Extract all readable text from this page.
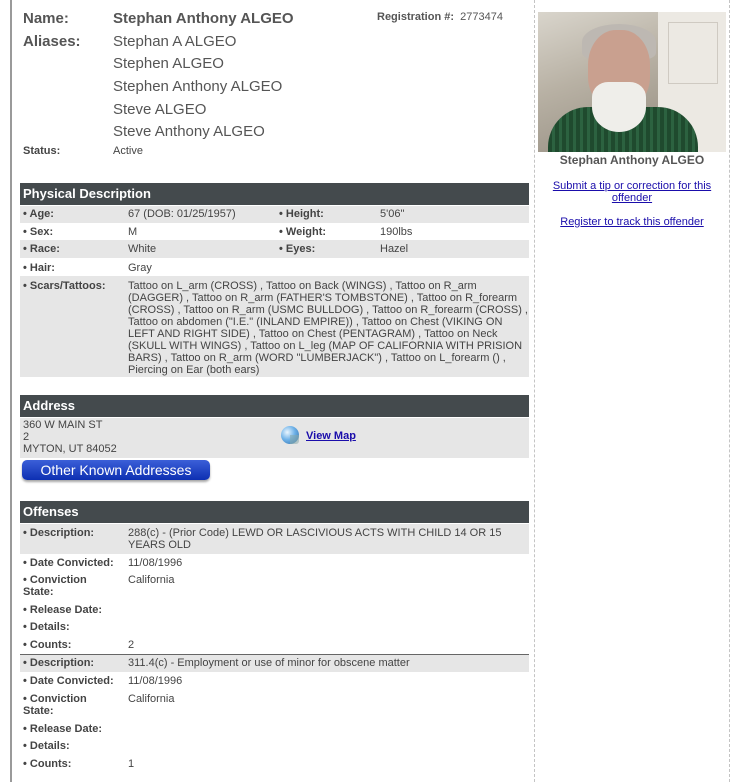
Name:	Stephan Anthony ALGEO	Registration #: 2773474
Aliases: Stephan A ALGEO
Stephen ALGEO
Stephen Anthony ALGEO
Steve ALGEO
Steve Anthony ALGEO
Status:	Active
Physical Description
• Age:	67 (DOB: 01/25/1957)	• Height:	5'06"
• Sex:	M	• Weight:	190lbs
• Race:	White	• Eyes:	Hazel
• Hair:	Gray
• Scars/Tattoos: Tattoo on L_arm (CROSS) , Tattoo on Back (WINGS) , Tattoo on R_arm (DAGGER) , Tattoo on R_arm (FATHER'S TOMBSTONE) , Tattoo on R_forearm (CROSS) , Tattoo on R_arm (USMC BULLDOG) , Tattoo on R_forearm (CROSS) , Tattoo on abdomen ("I.E." (INLAND EMPIRE)) , Tattoo on Chest (VIKING ON LEFT AND RIGHT SIDE) , Tattoo on Chest (PENTAGRAM) , Tattoo on Neck (SKULL WITH WINGS) , Tattoo on L_leg (MAP OF CALIFORNIA WITH PRISION BARS) , Tattoo on R_arm (WORD "LUMBERJACK") , Tattoo on L_forearm () , Piercing on Ear (both ears)
Address
360 W MAIN ST
2
MYTON, UT 84052
View Map
Other Known Addresses
Offenses
• Description:	288(c) - (Prior Code) LEWD OR LASCIVIOUS ACTS WITH CHILD 14 OR 15 YEARS OLD
• Date Convicted: 11/08/1996
• Conviction
State:
California
• Release Date:
• Details:
• Counts:	2
• Description:	311.4(c) - Employment or use of minor for obscene matter
• Date Convicted: 11/08/1996
• Conviction
State:
California
• Release Date:
• Details:
• Counts:	1
Stephan Anthony ALGEO
Submit a tip or correction for this offender
Register to track this offender
